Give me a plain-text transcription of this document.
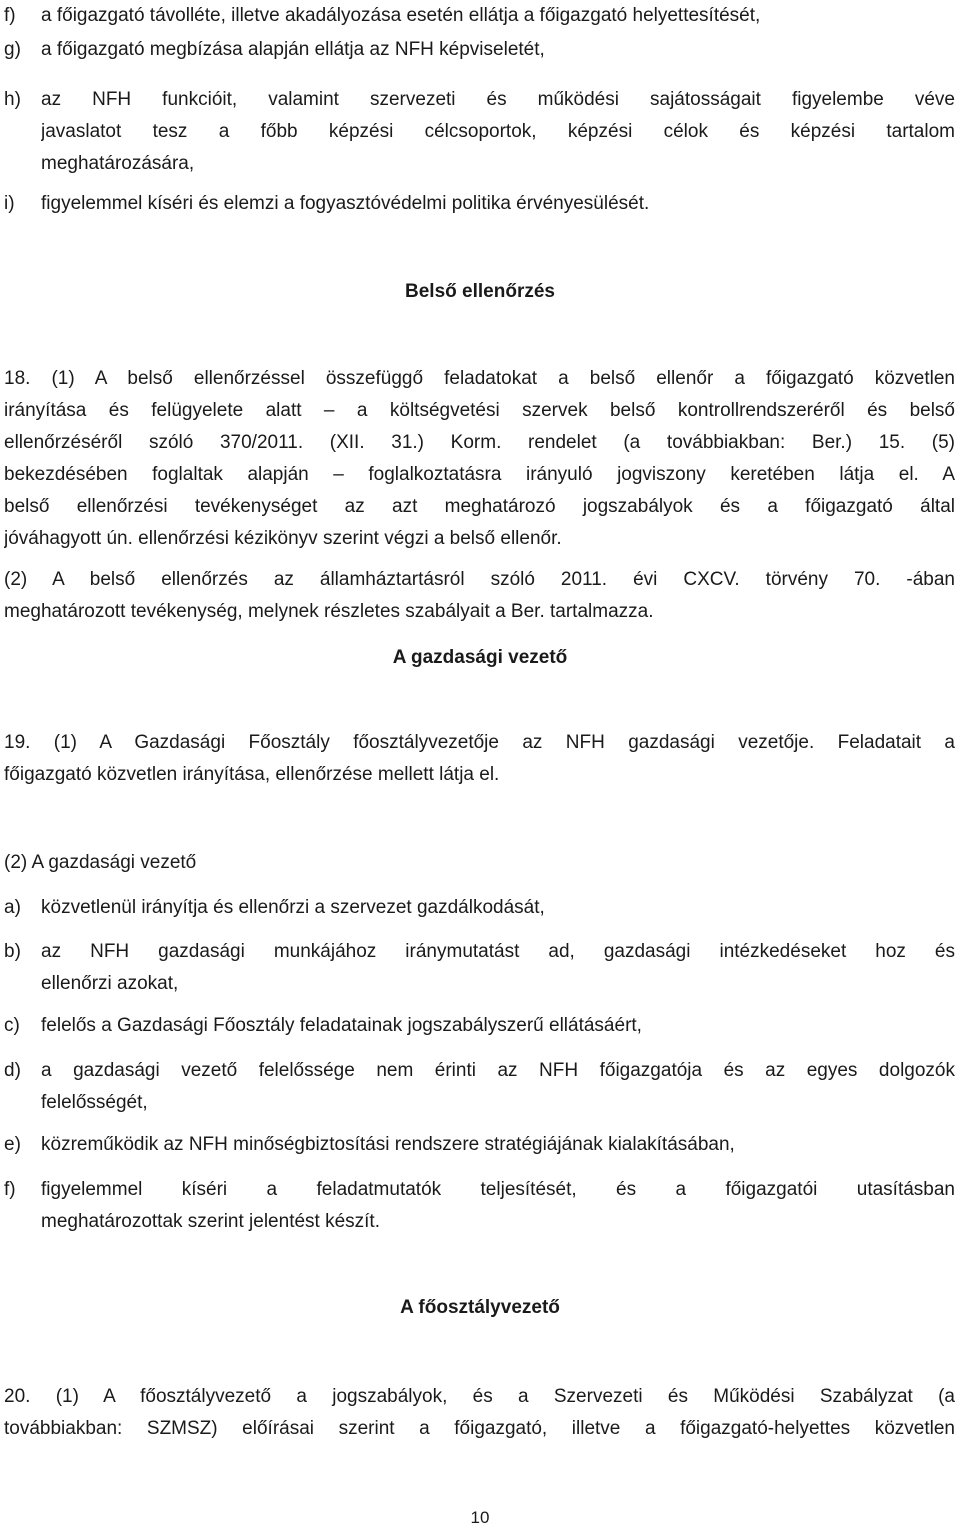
f) a főigazgató távolléte, illetve akadályozása esetén ellátja a főigazgató helyettesítését,
g) a főigazgató megbízása alapján ellátja az NFH képviseletét,
h) az NFH funkcióit, valamint szervezeti és működési sajátosságait figyelembe véve
javaslatot tesz a főbb képzési célcsoportok, képzési célok és képzési tartalom
meghatározására,
i) figyelemmel kíséri és elemzi a fogyasztóvédelmi politika érvényesülését.
Belső ellenőrzés
18. (1) A belső ellenőrzéssel összefüggő feladatokat a belső ellenőr a főigazgató közvetlen
irányítása és felügyelete alatt – a költségvetési szervek belső kontrollrendszeréről és belső
ellenőrzéséről szóló 370/2011. (XII. 31.) Korm. rendelet (a továbbiakban: Ber.) 15. (5)
bekezdésében foglaltak alapján – foglalkoztatásra irányuló jogviszony keretében látja el. A
belső ellenőrzési tevékenységet az azt meghatározó jogszabályok és a főigazgató által
jóváhagyott ún. ellenőrzési kézikönyv szerint végzi a belső ellenőr.
(2) A belső ellenőrzés az államháztartásról szóló 2011. évi CXCV. törvény 70. -ában
meghatározott tevékenység, melynek részletes szabályait a Ber. tartalmazza.
A gazdasági vezető
19. (1) A Gazdasági Főosztály főosztályvezetője az NFH gazdasági vezetője. Feladatait a
főigazgató közvetlen irányítása, ellenőrzése mellett látja el.
(2) A gazdasági vezető
a) közvetlenül irányítja és ellenőrzi a szervezet gazdálkodását,
b) az NFH gazdasági munkájához iránymutatást ad, gazdasági intézkedéseket hoz és
ellenőrzi azokat,
c) felelős a Gazdasági Főosztály feladatainak jogszabályszerű ellátásáért,
d) a gazdasági vezető felelőssége nem érinti az NFH főigazgatója és az egyes dolgozók
felelősségét,
e) közreműködik az NFH minőségbiztosítási rendszere stratégiájának kialakításában,
f) figyelemmel kíséri a feladatmutatók teljesítését, és a főigazgatói utasításban
meghatározottak szerint jelentést készít.
A főosztályvezető
20. (1) A főosztályvezető a jogszabályok, és a Szervezeti és Működési Szabályzat (a
továbbiakban: SZMSZ) előírásai szerint a főigazgató, illetve a főigazgató-helyettes közvetlen
10
